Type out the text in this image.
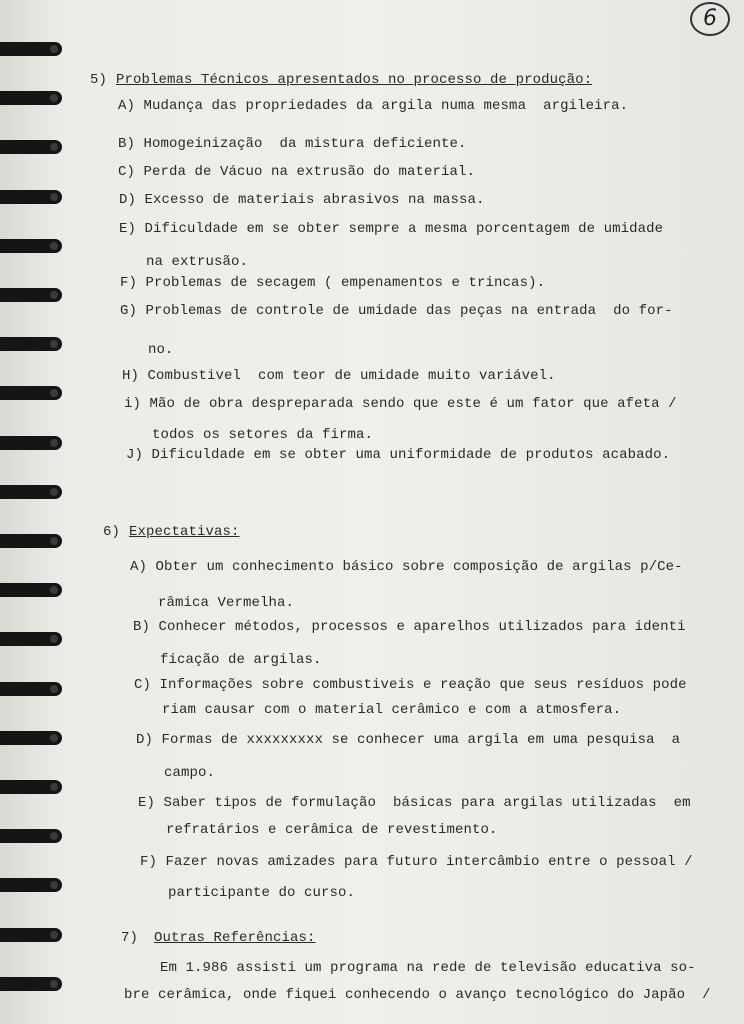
6
5) Problemas Técnicos apresentados no processo de produção:
A) Mudança das propriedades da argila numa mesma  argileira.
B) Homogeinização  da mistura deficiente.
C) Perda de Vácuo na extrusão do material.
D) Excesso de materiais abrasivos na massa.
E) Dificuldade em se obter sempre a mesma porcentagem de umidade
na extrusão.
F) Problemas de secagem ( empenamentos e trincas).
G) Problemas de controle de umidade das peças na entrada  do for-
no.
H) Combustivel  com teor de umidade muito variável.
i) Mão de obra despreparada sendo que este é um fator que afeta /
todos os setores da firma.
J) Dificuldade em se obter uma uniformidade de produtos acabado.
6) Expectativas:
A) Obter um conhecimento básico sobre composição de argilas p/Ce-
râmica Vermelha.
B) Conhecer métodos, processos e aparelhos utilizados para identi
ficação de argilas.
C) Informações sobre combustiveis e reação que seus resíduos pode
riam causar com o material cerâmico e com a atmosfera.
D) Formas de xxxxxxxxx se conhecer uma argila em uma pesquisa  a
campo.
E) Saber tipos de formulação  básicas para argilas utilizadas  em
refratários e cerâmica de revestimento.
F) Fazer novas amizades para futuro intercâmbio entre o pessoal /
participante do curso.
7) Outras Referências:
Em 1.986 assisti um programa na rede de televisão educativa so-
bre cerâmica, onde fiquei conhecendo o avanço tecnológico do Japão  /
